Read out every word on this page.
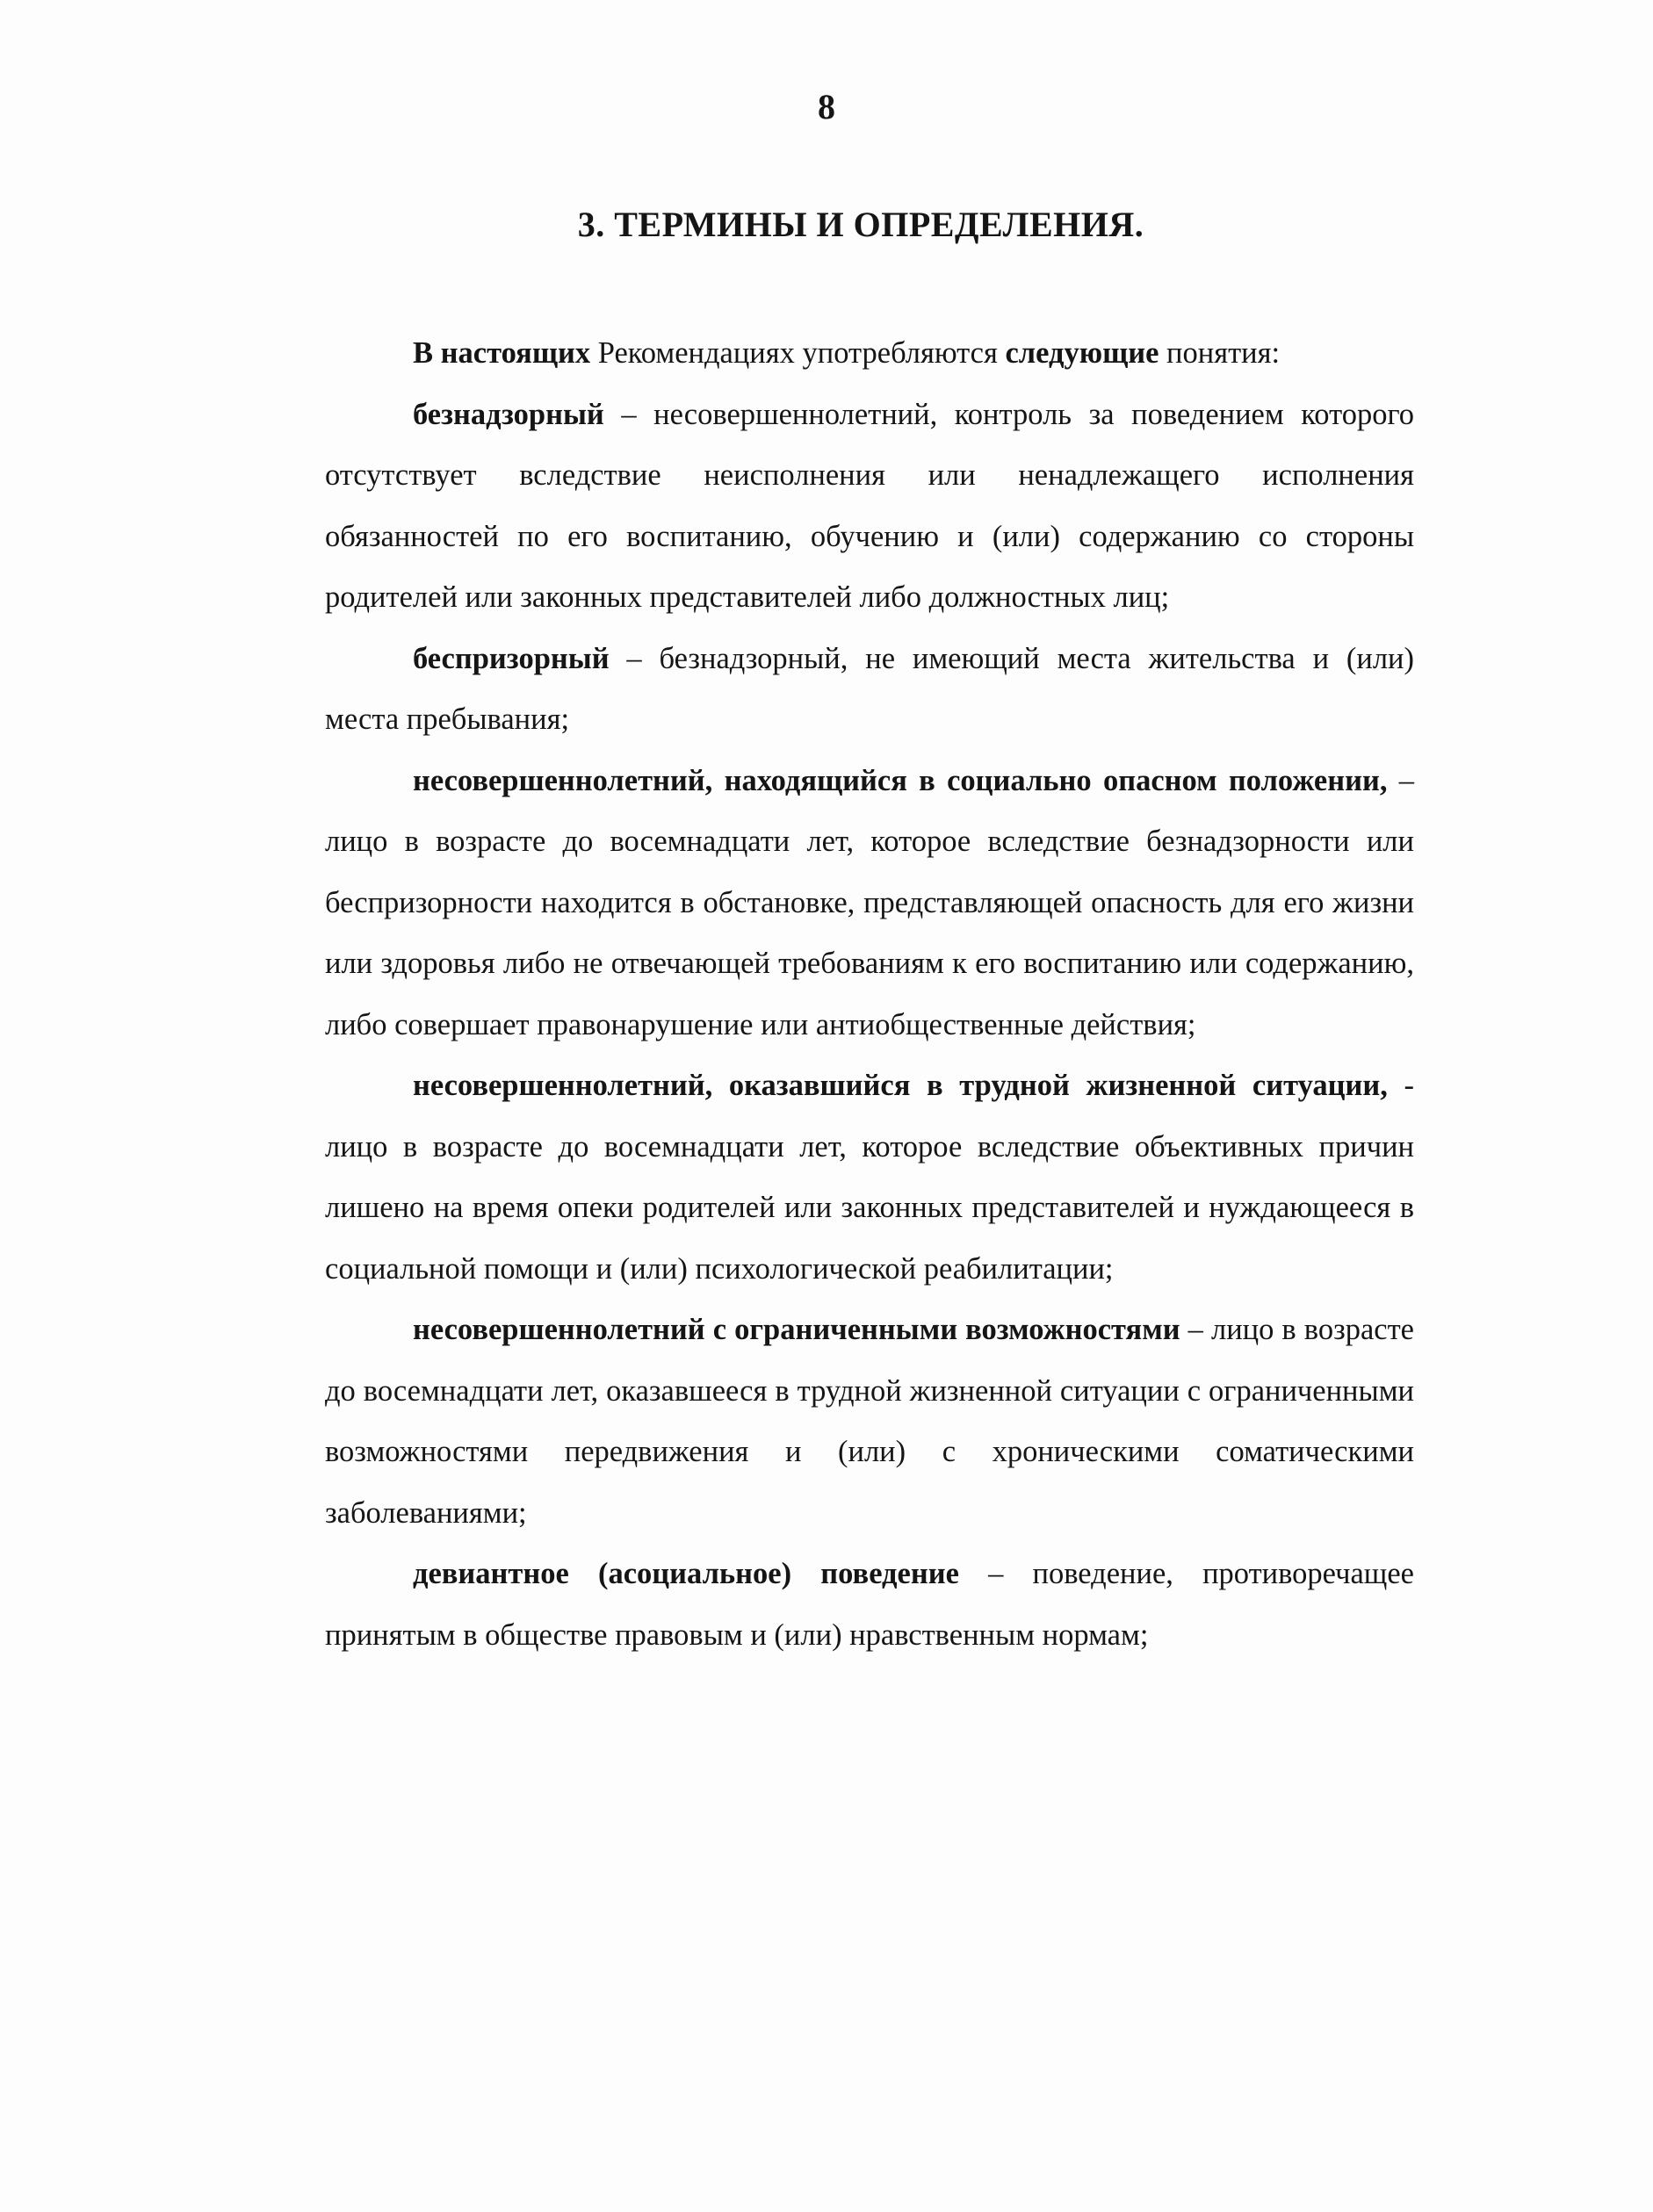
8
3. ТЕРМИНЫ И ОПРЕДЕЛЕНИЯ.

В настоящих Рекомендациях употребляются следующие понятия:

безнадзорный – несовершеннолетний, контроль за поведением которого отсутствует вследствие неисполнения или ненадлежащего исполнения обязанностей по его воспитанию, обучению и (или) содержанию со стороны родителей или законных представителей либо должностных лиц;

беспризорный – безнадзорный, не имеющий места жительства и (или) места пребывания;

несовершеннолетний, находящийся в социально опасном положении, – лицо в возрасте до восемнадцати лет, которое вследствие безнадзорности или беспризорности находится в обстановке, представляющей опасность для его жизни или здоровья либо не отвечающей требованиям к его воспитанию или содержанию, либо совершает правонарушение или антиобщественные действия;

несовершеннолетний, оказавшийся в трудной жизненной ситуации, - лицо в возрасте до восемнадцати лет, которое вследствие объективных причин лишено на время опеки родителей или законных представителей и нуждающееся в социальной помощи и (или) психологической реабилитации;

несовершеннолетний с ограниченными возможностями – лицо в возрасте до восемнадцати лет, оказавшееся в трудной жизненной ситуации с ограниченными возможностями передвижения и (или) с хроническими соматическими заболеваниями;

девиантное (асоциальное) поведение – поведение, противоречащее принятым в обществе правовым и (или) нравственным нормам;
